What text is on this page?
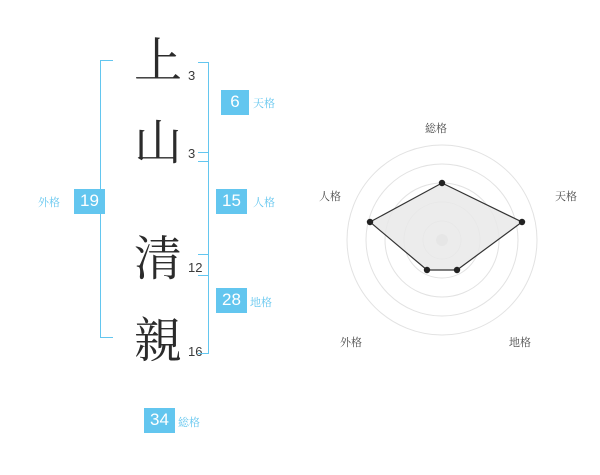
19
外格
上 3
山 3
清 12
親 16
6	天格
15	人格
28 地格
34 総格
総格
天格
地格
外格
人格
